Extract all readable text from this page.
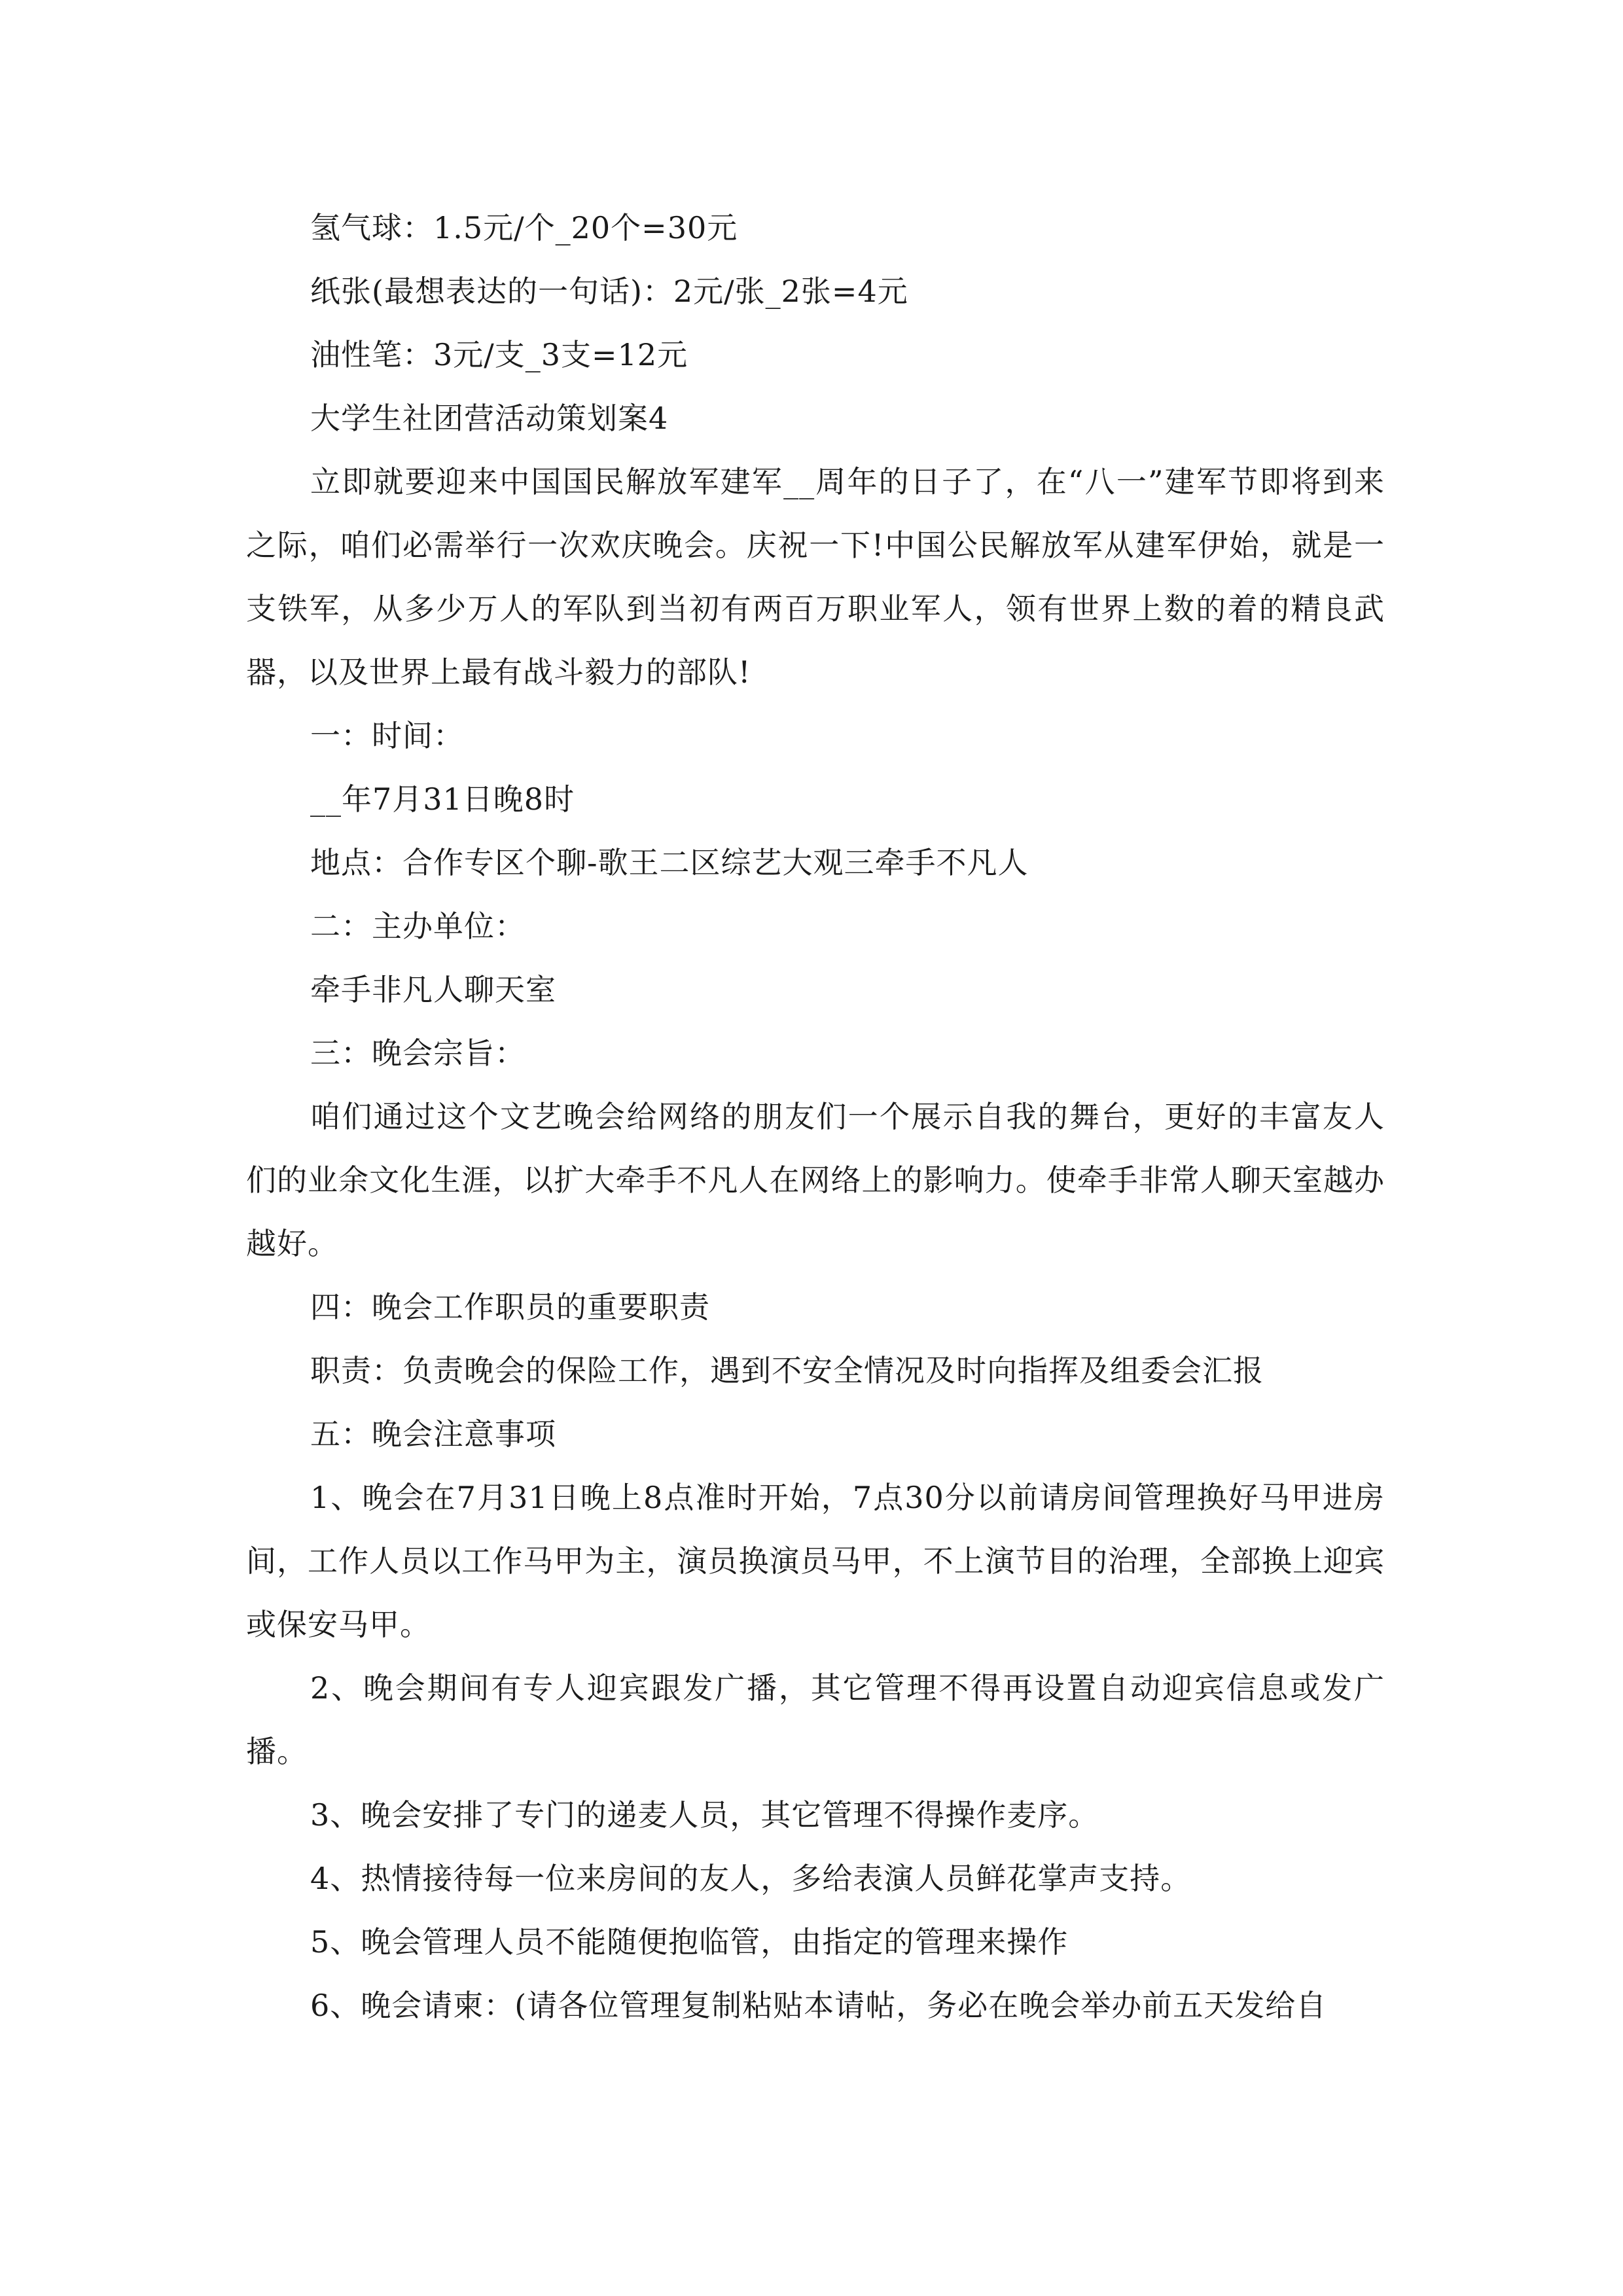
氢气球：1.5元/个_20个=30元

纸张(最想表达的一句话)：2元/张_2张=4元

油性笔：3元/支_3支=12元

大学生社团营活动策划案4

立即就要迎来中国国民解放军建军__周年的日子了，在“八一”建军节即将到来之际，咱们必需举行一次欢庆晚会。庆祝一下!中国公民解放军从建军伊始，就是一支铁军，从多少万人的军队到当初有两百万职业军人，领有世界上数的着的精良武器，以及世界上最有战斗毅力的部队!

一：时间：

__年7月31日晚8时

地点：合作专区个聊-歌王二区综艺大观三牵手不凡人

二：主办单位：

牵手非凡人聊天室

三：晚会宗旨：

咱们通过这个文艺晚会给网络的朋友们一个展示自我的舞台，更好的丰富友人们的业余文化生涯，以扩大牵手不凡人在网络上的影响力。使牵手非常人聊天室越办越好。

四：晚会工作职员的重要职责

职责：负责晚会的保险工作，遇到不安全情况及时向指挥及组委会汇报

五：晚会注意事项

1、晚会在7月31日晚上8点准时开始，7点30分以前请房间管理换好马甲进房间，工作人员以工作马甲为主，演员换演员马甲，不上演节目的治理，全部换上迎宾或保安马甲。

2、晚会期间有专人迎宾跟发广播，其它管理不得再设置自动迎宾信息或发广播。

3、晚会安排了专门的递麦人员，其它管理不得操作麦序。

4、热情接待每一位来房间的友人，多给表演人员鲜花掌声支持。

5、晚会管理人员不能随便抱临管，由指定的管理来操作

6、晚会请柬：(请各位管理复制粘贴本请帖，务必在晚会举办前五天发给自
